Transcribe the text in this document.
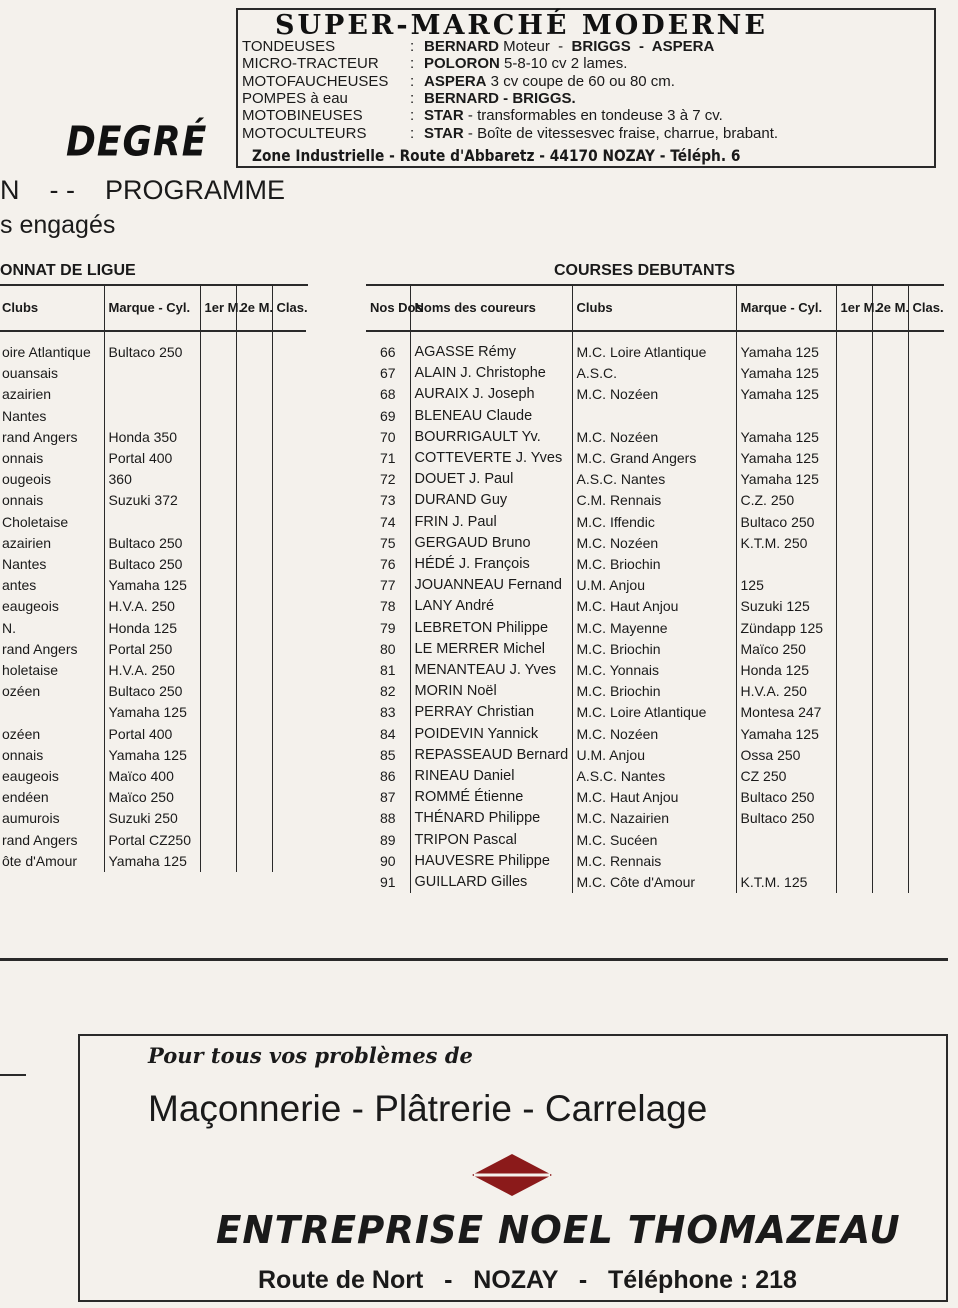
SUPER-MARCHÉ MODERNE
TONDEUSES	: BERNARD Moteur  -  BRIGGS  -  ASPERA
MICRO-TRACTEUR : POLORON 5-8-10 cv 2 lames.
MOTOFAUCHEUSES : ASPERA 3 cv coupe de 60 ou 80 cm.
POMPES à eau	: BERNARD - BRIGGS.
MOTOBINEUSES	: STAR - transformables en tondeuse 3 à 7 cv.
MOTOCULTEURS	: STAR - Boîte de vitessesvec fraise, charrue, brabant.
DEGRÉ	Zone Industrielle - Route d'Abbaretz - 44170 NOZAY - Téléph. 6
N    - -    PROGRAMME
s engagés
ONNAT DE LIGUE	COURSES DEBUTANTS
Clubs	Marque - Cyl.	1er M.	2e M.	Clas.
oire Atlantique	Bultaco 250			
ouansais				
azairien				
Nantes				
rand Angers	Honda 350			
onnais	Portal 400			
ougeois	360			
onnais	Suzuki 372			
Choletaise				
azairien	Bultaco 250			
Nantes	Bultaco 250			
antes	Yamaha 125			
eaugeois	H.V.A. 250			
N.	Honda 125			
rand Angers	Portal 250			
holetaise	H.V.A. 250			
ozéen	Bultaco 250			
	Yamaha 125			
ozéen	Portal 400			
onnais	Yamaha 125			
eaugeois	Maïco 400			
endéen	Maïco 250			
aumurois	Suzuki 250			
rand Angers	Portal CZ250			
ôte d'Amour	Yamaha 125			
Nos Dos	Noms des coureurs	Clubs	Marque - Cyl.	1er M.	2e M.	Clas.
66	AGASSE Rémy	M.C. Loire Atlantique	Yamaha 125			
67	ALAIN J. Christophe	A.S.C.	Yamaha 125			
68	AURAIX J. Joseph	M.C. Nozéen	Yamaha 125			
69	BLENEAU Claude					
70	BOURRIGAULT Yv.	M.C. Nozéen	Yamaha 125			
71	COTTEVERTE J. Yves	M.C. Grand Angers	Yamaha 125			
72	DOUET J. Paul	A.S.C. Nantes	Yamaha 125			
73	DURAND Guy	C.M. Rennais	C.Z. 250			
74	FRIN J. Paul	M.C. Iffendic	Bultaco 250			
75	GERGAUD Bruno	M.C. Nozéen	K.T.M. 250			
76	HÉDÉ J. François	M.C. Briochin				
77	JOUANNEAU Fernand	U.M. Anjou	125			
78	LANY André	M.C. Haut Anjou	Suzuki 125			
79	LEBRETON Philippe	M.C. Mayenne	Zündapp 125			
80	LE MERRER Michel	M.C. Briochin	Maïco 250			
81	MENANTEAU J. Yves	M.C. Yonnais	Honda 125			
82	MORIN Noël	M.C. Briochin	H.V.A. 250			
83	PERRAY Christian	M.C. Loire Atlantique	Montesa 247			
84	POIDEVIN Yannick	M.C. Nozéen	Yamaha 125			
85	REPASSEAUD Bernard	U.M. Anjou	Ossa 250			
86	RINEAU Daniel	A.S.C. Nantes	CZ 250			
87	ROMMÉ Étienne	M.C. Haut Anjou	Bultaco 250			
88	THÉNARD Philippe	M.C. Nazairien	Bultaco 250			
89	TRIPON Pascal	M.C. Sucéen				
90	HAUVESRE Philippe	M.C. Rennais				
91	GUILLARD Gilles	M.C. Côte d'Amour	K.T.M. 125			
Pour tous vos problèmes de
Maçonnerie - Plâtrerie - Carrelage
ENTREPRISE NOEL THOMAZEAU
Route de Nort   -   NOZAY   -   Téléphone : 218
